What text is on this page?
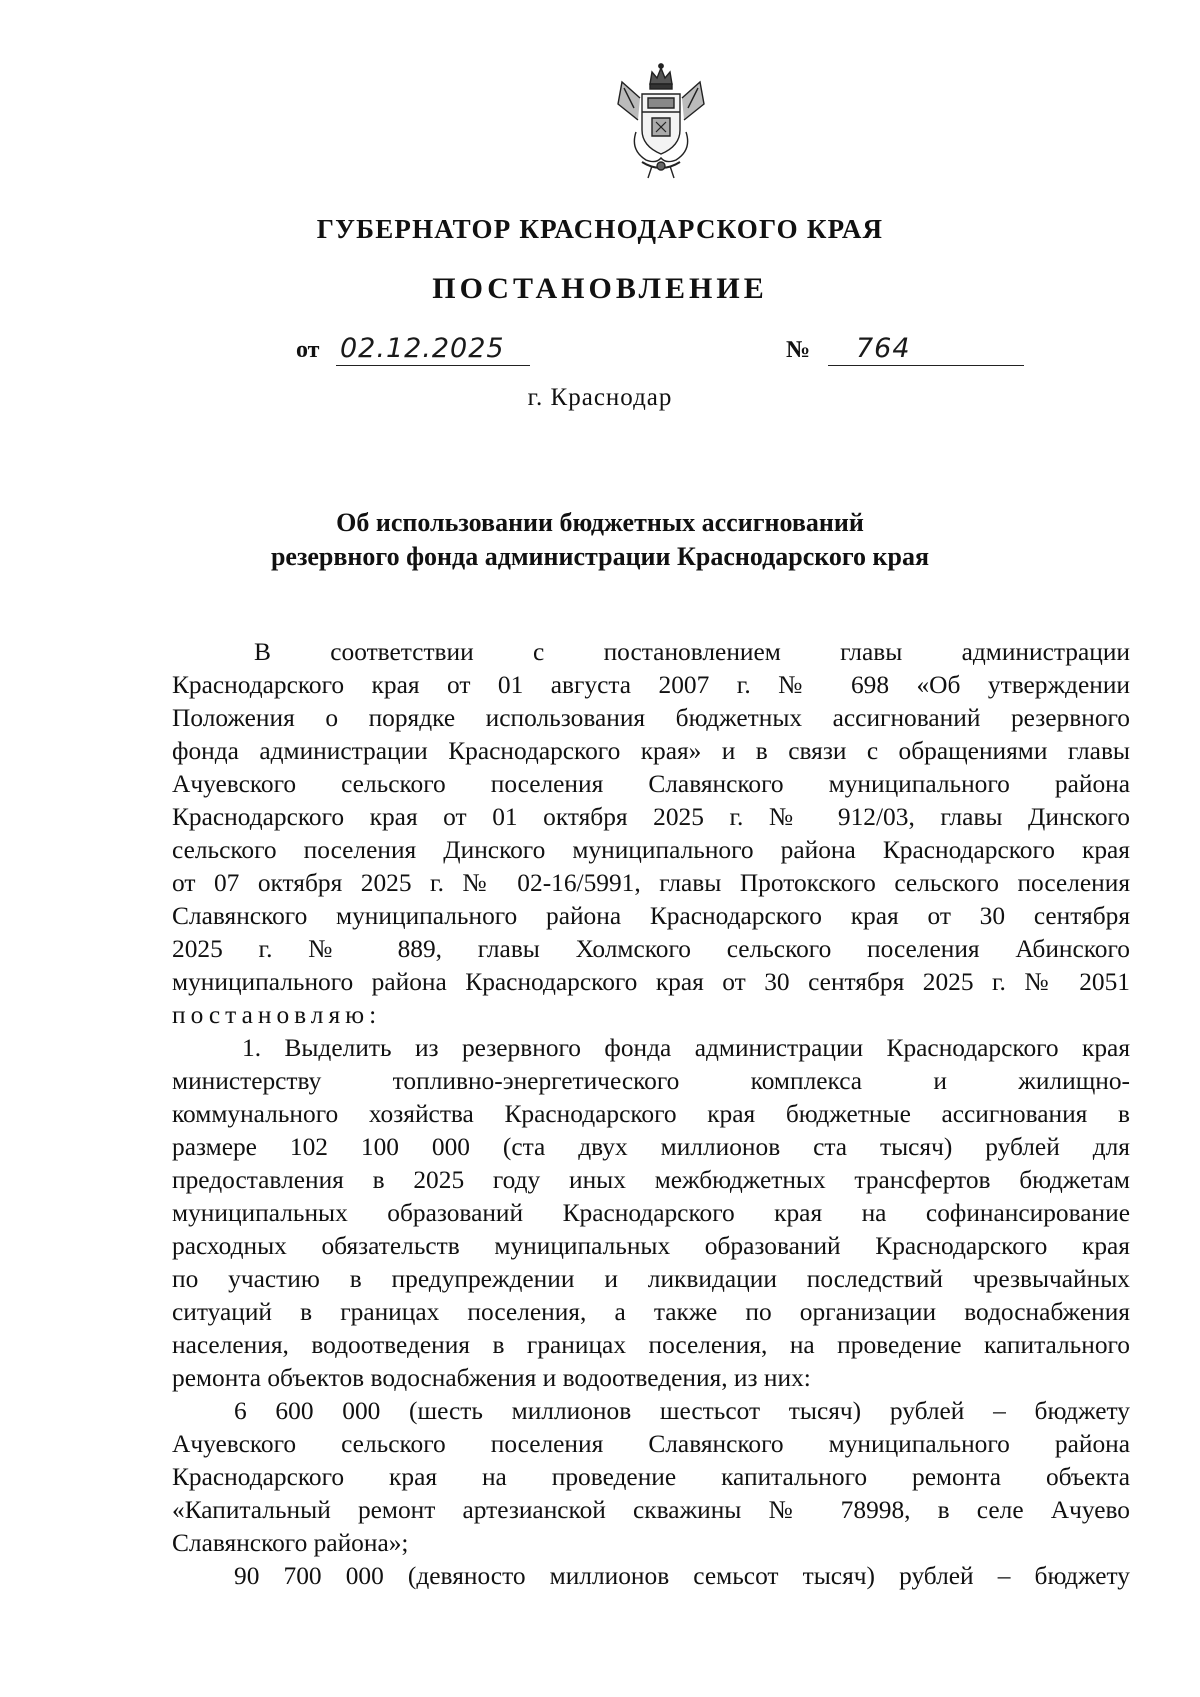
ГУБЕРНАТОР КРАСНОДАРСКОГО КРАЯ
ПОСТАНОВЛЕНИЕ
от 02.12.2025	№ 764
г. Краснодар
Об использовании бюджетных ассигнований
резервного фонда администрации Краснодарского края
В соответствии с постановлением главы администрации
Краснодарского края от 01 августа 2007 г. № 698 «Об утверждении
Положения о порядке использования бюджетных ассигнований резервного
фонда администрации Краснодарского края» и в связи с обращениями главы
Ачуевского сельского поселения Славянского муниципального района
Краснодарского края от 01 октября 2025 г. № 912/03, главы Динского
сельского поселения Динского муниципального района Краснодарского края
от 07 октября 2025 г. № 02-16/5991, главы Протокского сельского поселения
Славянского муниципального района Краснодарского края от 30 сентября
2025 г. № 889, главы Холмского сельского поселения Абинского
муниципального района Краснодарского края от 30 сентября 2025 г. № 2051
постановляю:
1. Выделить из резервного фонда администрации Краснодарского края
министерству топливно-энергетического комплекса и жилищно-
коммунального хозяйства Краснодарского края бюджетные ассигнования в
размере 102 100 000 (ста двух миллионов ста тысяч) рублей для
предоставления в 2025 году иных межбюджетных трансфертов бюджетам
муниципальных образований Краснодарского края на софинансирование
расходных обязательств муниципальных образований Краснодарского края
по участию в предупреждении и ликвидации последствий чрезвычайных
ситуаций в границах поселения, а также по организации водоснабжения
населения, водоотведения в границах поселения, на проведение капитального
ремонта объектов водоснабжения и водоотведения, из них:
6 600 000 (шесть миллионов шестьсот тысяч) рублей – бюджету
Ачуевского сельского поселения Славянского муниципального района
Краснодарского края на проведение капитального ремонта объекта
«Капитальный ремонт артезианской скважины № 78998, в селе Ачуево
Славянского района»;
90 700 000 (девяносто миллионов семьсот тысяч) рублей – бюджету
